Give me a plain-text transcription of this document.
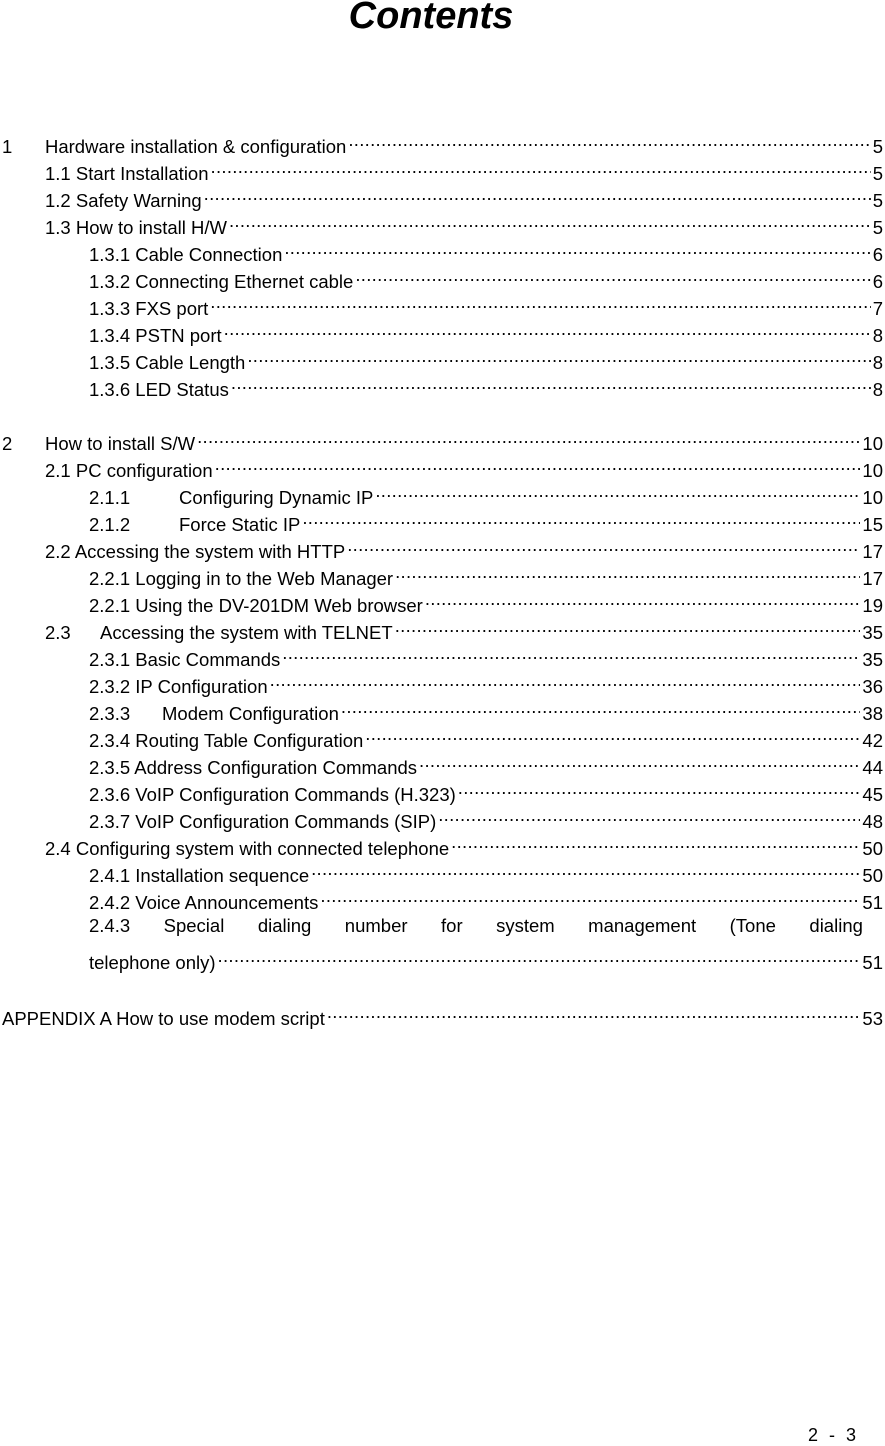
Contents
1	Hardware installation & configuration .....	5
1.1 Start Installation .....	5
1.2 Safety Warning .....	5
1.3 How to install H/W .....	5
1.3.1 Cable Connection .....	6
1.3.2 Connecting Ethernet cable .....	6
1.3.3 FXS port .....	7
1.3.4 PSTN port .....	8
1.3.5 Cable Length .....	8
1.3.6 LED Status .....	8
2	How to install S/W .....	10
2.1 PC configuration .....	10
2.1.1	Configuring Dynamic IP .....	10
2.1.2	Force Static IP .....	15
2.2 Accessing the system with HTTP .....	17
2.2.1 Logging in to the Web Manager .....	17
2.2.1 Using the DV-201DM Web browser .....	19
2.3	Accessing the system with TELNET .....	35
2.3.1 Basic Commands .....	35
2.3.2 IP Configuration .....	36
2.3.3	Modem Configuration .....	38
2.3.4 Routing Table Configuration .....	42
2.3.5 Address Configuration Commands .....	44
2.3.6 VoIP Configuration Commands (H.323) .....	45
2.3.7 VoIP Configuration Commands (SIP) .....	48
2.4 Configuring system with connected telephone .....	50
2.4.1 Installation sequence .....	50
2.4.2 Voice Announcements .....	51
2.4.3 Special dialing number for system management (Tone dialing
telephone only) .....	51
APPENDIX A How to use modem script .....	53
2 - 3
